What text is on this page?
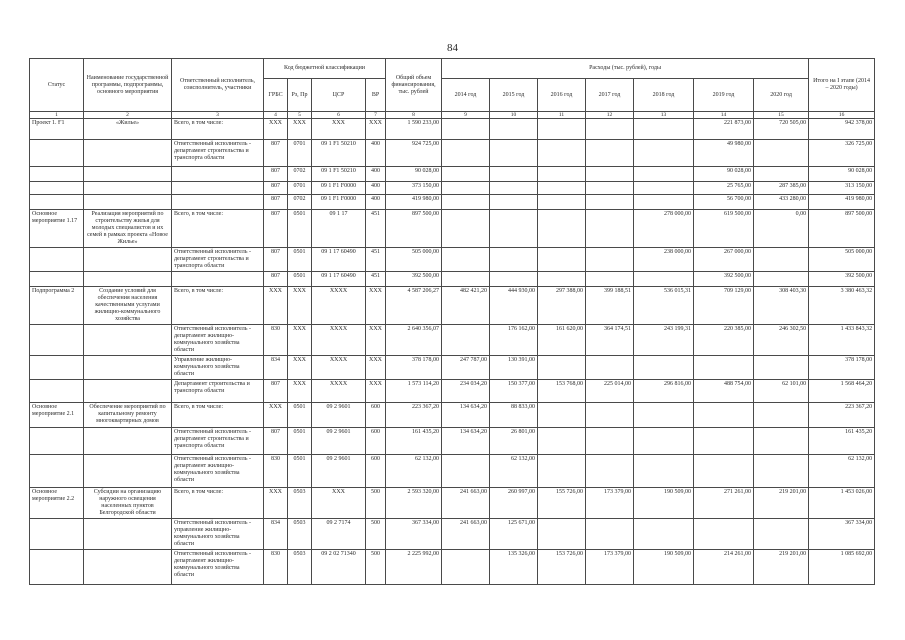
84
Статус	Наименование государственной программы, подпрограммы, основного мероприятия	Ответственный исполнитель, соисполнитель, участники	Код бюджетной классификации				Общий объем финансирования, тыс. рублей	Расходы (тыс. рублей), годы							Итого на I этапе (2014 – 2020 годы)
			ГРБС	Рз, Пр	ЦСР	ВР		2014 год	2015 год	2016 год	2017 год	2018 год	2019 год	2020 год	
1	2	3	4	5	6	7	8	9	10	11	12	13	14	15	16
Проект 1. Ғ1	«Жилье»	Всего, в том числе:	XXX	XXX	XXX	XXX	1 590 233,00						221 873,00	720 505,00	942 378,00
		Ответственный исполнитель - департамент строительства и транспорта области	807	0701	09 1 F1 50210	400	924 725,00						49 980,00		326 725,00
			807	0702	09 1 F1 50210	400	90 028,00						90 028,00		90 028,00
			807	0701	09 1 F1 F0000	400	373 150,00						25 765,00	287 385,00	313 150,00
			807	0702	09 1 F1 F0000	400	419 980,00						56 700,00	433 280,00	419 980,00
Основное мероприятие 1.17	Реализация мероприятий по строительству жилья для молодых специалистов и их семей в рамках проекта «Новое Жилье»	Всего, в том числе:	807	0501	09 1 17	451	897 500,00					278 000,00	619 500,00	0,00	897 500,00
		Ответственный исполнитель - департамент строительства и транспорта области	807	0501	09 1 17 60490	451	505 000,00					238 000,00	267 000,00		505 000,00
			807	0501	09 1 17 60490	451	392 500,00						392 500,00		392 500,00
Подпрограмма 2	Создание условий для обеспечения населения качественными услугами жилищно-коммунального хозяйства	Всего, в том числе:	XXX	XXX	XXXX	XXX	4 587 206,27	482 421,20	444 930,00	297 388,00	399 188,51	536 015,31	709 129,00	308 403,30	3 380 463,32
		Ответственный исполнитель - департамент жилищно-коммунального хозяйства области	830	XXX	XXXX	XXX	2 640 356,07		176 162,00	161 620,00	364 174,51	243 199,31	220 385,00	246 302,50	1 433 843,32
		Управление жилищно-коммунального хозяйства области	834	XXX	XXXX	XXX	378 178,00	247 787,00	130 391,00						378 178,00
		Департамент строительства и транспорта области	807	XXX	XXXX	XXX	1 573 114,20	234 034,20	150 377,00	153 768,00	225 014,00	296 816,00	488 754,00	62 101,00	1 568 464,20
Основное мероприятие 2.1	Обеспечение мероприятий по капитальному ремонту многоквартирных домов	Всего, в том числе:	XXX	0501	09 2 9601	600	223 367,20	134 634,20	88 833,00						223 367,20
		Ответственный исполнитель - департамент строительства и транспорта области	807	0501	09 2 9601	600	161 435,20	134 634,20	26 801,00						161 435,20
		Ответственный исполнитель - департамент жилищно-коммунального хозяйства области	830	0501	09 2 9601	600	62 132,00		62 132,00						62 132,00
Основное мероприятие 2.2	Субсидии на организацию наружного освещения населенных пунктов Белгородской области	Всего, в том числе:	XXX	0503	XXX	500	2 593 320,00	241 663,00	260 997,00	155 726,00	173 379,00	190 509,00	271 261,00	219 201,00	1 453 026,00
		Ответственный исполнитель - управление жилищно-коммунального хозяйства области	834	0503	09 2 7174	500	367 334,00	241 663,00	125 671,00						367 334,00
		Ответственный исполнитель - департамент жилищно-коммунального хозяйства области	830	0503	09 2 02 71340	500	2 225 992,00		135 326,00	153 726,00	173 379,00	190 509,00	214 261,00	219 201,00	1 085 692,00
